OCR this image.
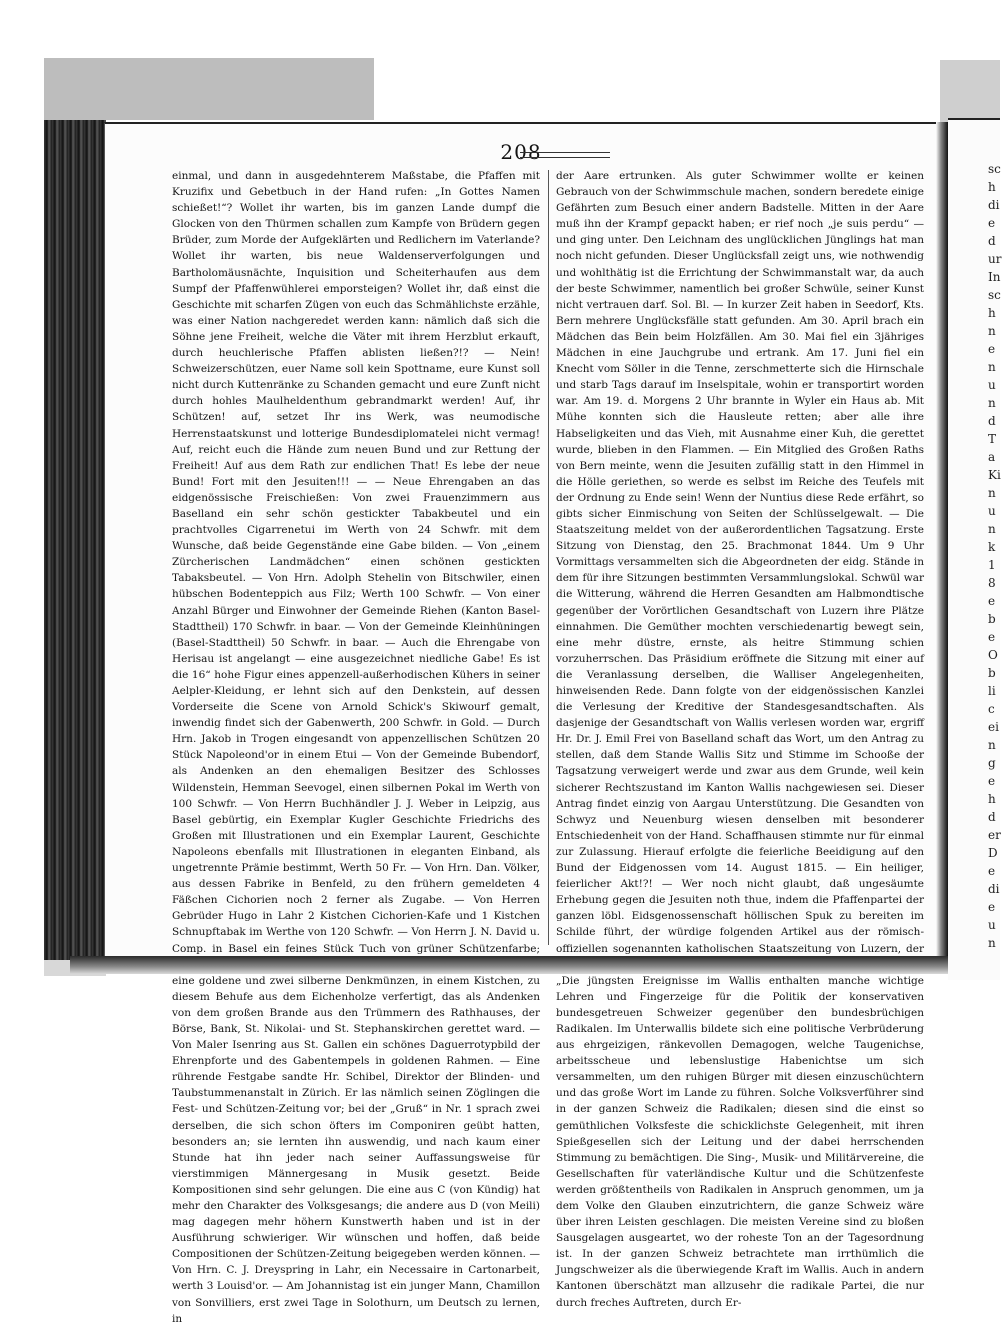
208

einmal, und dann in ausgedehnterem Maßstabe, die Pfaffen mit Kruzifix und Gebetbuch in der Hand rufen: „In Gottes Namen schießet!“? Wollet ihr warten, bis im ganzen Lande dumpf die Glocken von den Thürmen schallen zum Kampfe von Brüdern gegen Brüder, zum Morde der Aufgeklärten und Redlichern im Vaterlande? Wollet ihr warten, bis neue Waldenserverfolgungen und Bartholomäusnächte, Inquisition und Scheiterhaufen aus dem Sumpf der Pfaffenwühlerei emporsteigen? Wollet ihr, daß einst die Geschichte mit scharfen Zügen von euch das Schmählichste erzähle, was einer Nation nachgeredet werden kann: nämlich daß sich die Söhne jene Freiheit, welche die Väter mit ihrem Herzblut erkauft, durch heuchlerische Pfaffen ablisten ließen?!? — Nein! Schweizerschützen, euer Name soll kein Spottname, eure Kunst soll nicht durch Kuttenränke zu Schanden gemacht und eure Zunft nicht durch hohles Maulheldenthum gebrandmarkt werden! Auf, ihr Schützen! auf, setzet Ihr ins Werk, was neumodische Herrenstaatskunst und lotterige Bundesdiplomatelei nicht vermag! Auf, reicht euch die Hände zum neuen Bund und zur Rettung der Freiheit! Auf aus dem Rath zur endlichen That! Es lebe der neue Bund! Fort mit den Jesuiten!!! — — Neue Ehrengaben an das eidgenössische Freischießen: Von zwei Frauenzimmern aus Baselland ein sehr schön gestickter Tabakbeutel und ein prachtvolles Cigarrenetui im Werth von 24 Schwfr. mit dem Wunsche, daß beide Gegenstände eine Gabe bilden. — Von „einem Zürcherischen Landmädchen“ einen schönen gestickten Tabaksbeutel. — Von Hrn. Adolph Stehelin von Bitschwiler, einen hübschen Bodenteppich aus Filz; Werth 100 Schwfr. — Von einer Anzahl Bürger und Einwohner der Gemeinde Riehen (Kanton Basel-Stadttheil) 170 Schwfr. in baar. — Von der Gemeinde Kleinhüningen (Basel-Stadttheil) 50 Schwfr. in baar. — Auch die Ehrengabe von Herisau ist angelangt — eine ausgezeichnet niedliche Gabe! Es ist die 16“ hohe Figur eines appenzell-außerhodischen Kühers in seiner Aelpler-Kleidung, er lehnt sich auf den Denkstein, auf dessen Vorderseite die Scene von Arnold Schick's Skiwourf gemalt, inwendig findet sich der Gabenwerth, 200 Schwfr. in Gold. — Durch Hrn. Jakob in Trogen eingesandt von appenzellischen Schützen 20 Stück Napoleond'or in einem Etui — Von der Gemeinde Bubendorf, als Andenken an den ehemaligen Besitzer des Schlosses Wildenstein, Hemman Seevogel, einen silbernen Pokal im Werth von 100 Schwfr. — Von Herrn Buchhändler J. J. Weber in Leipzig, aus Basel gebürtig, ein Exemplar Kugler Geschichte Friedrichs des Großen mit Illustrationen und ein Exemplar Laurent, Geschichte Napoleons ebenfalls mit Illustrationen in eleganten Einband, als ungetrennte Prämie bestimmt, Werth 50 Fr. — Von Hrn. Dan. Völker, aus dessen Fabrike in Benfeld, zu den frühern gemeldeten 4 Fäßchen Cichorien noch 2 ferner als Zugabe. — Von Herren Gebrüder Hugo in Lahr 2 Kistchen Cichorien-Kafe und 1 Kistchen Schnupftabak im Werthe von 120 Schwfr. — Von Herrn J. N. David u. Comp. in Basel ein feines Stück Tuch von grüner Schützenfarbe; eine goldene und zwei silberne Denkmünzen, in einem Kistchen, zu diesem Behufe aus dem Eichenholze verfertigt, das als Andenken von dem großen Brande aus den Trümmern des Rathhauses, der Börse, Bank, St. Nikolai- und St. Stephanskirchen gerettet ward. — Von Maler Isenring aus St. Gallen ein schönes Daguerrotypbild der Ehrenpforte und des Gabentempels in goldenen Rahmen. — Eine rührende Festgabe sandte Hr. Schibel, Direktor der Blinden- und Taubstummenanstalt in Zürich. Er las nämlich seinen Zöglingen die Fest- und Schützen-Zeitung vor; bei der „Gruß“ in Nr. 1 sprach zwei derselben, die sich schon öfters im Componiren geübt hatten, besonders an; sie lernten ihn auswendig, und nach kaum einer Stunde hat ihn jeder nach seiner Auffassungsweise für vierstimmigen Männergesang in Musik gesetzt. Beide Kompositionen sind sehr gelungen. Die eine aus C (von Kündig) hat mehr den Charakter des Volksgesangs; die andere aus D (von Meili) mag dagegen mehr höhern Kunstwerth haben und ist in der Ausführung schwieriger. Wir wünschen und hoffen, daß beide Compositionen der Schützen-Zeitung beigegeben werden können. — Von Hrn. C. J. Dreyspring in Lahr, ein Necessaire in Cartonarbeit, werth 3 Louisd'or. — Am Johannistag ist ein junger Mann, Chamillon von Sonvilliers, erst zwei Tage in Solothurn, um Deutsch zu lernen, in

der Aare ertrunken. Als guter Schwimmer wollte er keinen Gebrauch von der Schwimmschule machen, sondern beredete einige Gefährten zum Besuch einer andern Badstelle. Mitten in der Aare muß ihn der Krampf gepackt haben; er rief noch „je suis perdu“ — und ging unter. Den Leichnam des unglücklichen Jünglings hat man noch nicht gefunden. Dieser Unglücksfall zeigt uns, wie nothwendig und wohlthätig ist die Errichtung der Schwimmanstalt war, da auch der beste Schwimmer, namentlich bei großer Schwüle, seiner Kunst nicht vertrauen darf. Sol. Bl. — In kurzer Zeit haben in Seedorf, Kts. Bern mehrere Unglücksfälle statt gefunden. Am 30. April brach ein Mädchen das Bein beim Holzfällen. Am 30. Mai fiel ein 3jähriges Mädchen in eine Jauchgrube und ertrank. Am 17. Juni fiel ein Knecht vom Söller in die Tenne, zerschmetterte sich die Hirnschale und starb Tags darauf im Inselspitale, wohin er transportirt worden war. Am 19. d. Morgens 2 Uhr brannte in Wyler ein Haus ab. Mit Mühe konnten sich die Hausleute retten; aber alle ihre Habseligkeiten und das Vieh, mit Ausnahme einer Kuh, die gerettet wurde, blieben in den Flammen. — Ein Mitglied des Großen Raths von Bern meinte, wenn die Jesuiten zufällig statt in den Himmel in die Hölle geriethen, so werde es selbst im Reiche des Teufels mit der Ordnung zu Ende sein! Wenn der Nuntius diese Rede erfährt, so gibts sicher Einmischung von Seiten der Schlüsselgewalt. — Die Staatszeitung meldet von der außerordentlichen Tagsatzung. Erste Sitzung von Dienstag, den 25. Brachmonat 1844. Um 9 Uhr Vormittags versammelten sich die Abgeordneten der eidg. Stände in dem für ihre Sitzungen bestimmten Versammlungslokal. Schwül war die Witterung, während die Herren Gesandten am Halbmondtische gegenüber der Vorörtlichen Gesandtschaft von Luzern ihre Plätze einnahmen. Die Gemüther mochten verschiedenartig bewegt sein, eine mehr düstre, ernste, als heitre Stimmung schien vorzuherrschen. Das Präsidium eröffnete die Sitzung mit einer auf die Veranlassung derselben, die Walliser Angelegenheiten, hinweisenden Rede. Dann folgte von der eidgenössischen Kanzlei die Verlesung der Kreditive der Standesgesandtschaften. Als dasjenige der Gesandtschaft von Wallis verlesen worden war, ergriff Hr. Dr. J. Emil Frei von Baselland schaft das Wort, um den Antrag zu stellen, daß dem Stande Wallis Sitz und Stimme im Schooße der Tagsatzung verweigert werde und zwar aus dem Grunde, weil kein sicherer Rechtszustand im Kanton Wallis nachgewiesen sei. Dieser Antrag findet einzig von Aargau Unterstützung. Die Gesandten von Schwyz und Neuenburg wiesen denselben mit besonderer Entschiedenheit von der Hand. Schaffhausen stimmte nur für einmal zur Zulassung. Hierauf erfolgte die feierliche Beeidigung auf den Bund der Eidgenossen vom 14. August 1815. — Ein heiliger, feierlicher Akt!?! — Wer noch nicht glaubt, daß ungesäumte Erhebung gegen die Jesuiten noth thue, indem die Pfaffenpartei der ganzen löbl. Eidsgenossenschaft höllischen Spuk zu bereiten im Schilde führt, der würdige folgenden Artikel aus der römisch-offiziellen sogenannten katholischen Staatszeitung von Luzern, der „Die jüngsten Ereignisse im Wallis enthalten manche wichtige Lehren und Fingerzeige für die Politik der konservativen bundesgetreuen Schweizer gegenüber den bundesbrüchigen Radikalen. Im Unterwallis bildete sich eine politische Verbrüderung aus ehrgeizigen, ränkevollen Demagogen, welche Taugenichse, arbeitsscheue und lebenslustige Habenichtse um sich versammelten, um den ruhigen Bürger mit diesen einzuschüchtern und das große Wort im Lande zu führen. Solche Volksverführer sind in der ganzen Schweiz die Radikalen; diesen sind die einst so gemüthlichen Volksfeste die schicklichste Gelegenheit, mit ihren Spießgesellen sich der Leitung und der dabei herrschenden Stimmung zu bemächtigen. Die Sing-, Musik- und Militärvereine, die Gesellschaften für vaterländische Kultur und die Schützenfeste werden größtentheils von Radikalen in Anspruch genommen, um ja dem Volke den Glauben einzutrichtern, die ganze Schweiz wäre über ihren Leisten geschlagen. Die meisten Vereine sind zu bloßen Sausgelagen ausgeartet, wo der roheste Ton an der Tagesordnung ist. In der ganzen Schweiz betrachtete man irrthümlich die Jungschweizer als die überwiegende Kraft im Wallis. Auch in andern Kantonen überschätzt man allzusehr die radikale Partei, die nur durch freches Auftreten, durch Er-

sch die dur In sch nen und Ta Kin unk 18 ebe Ob lic ein geh der De die un
